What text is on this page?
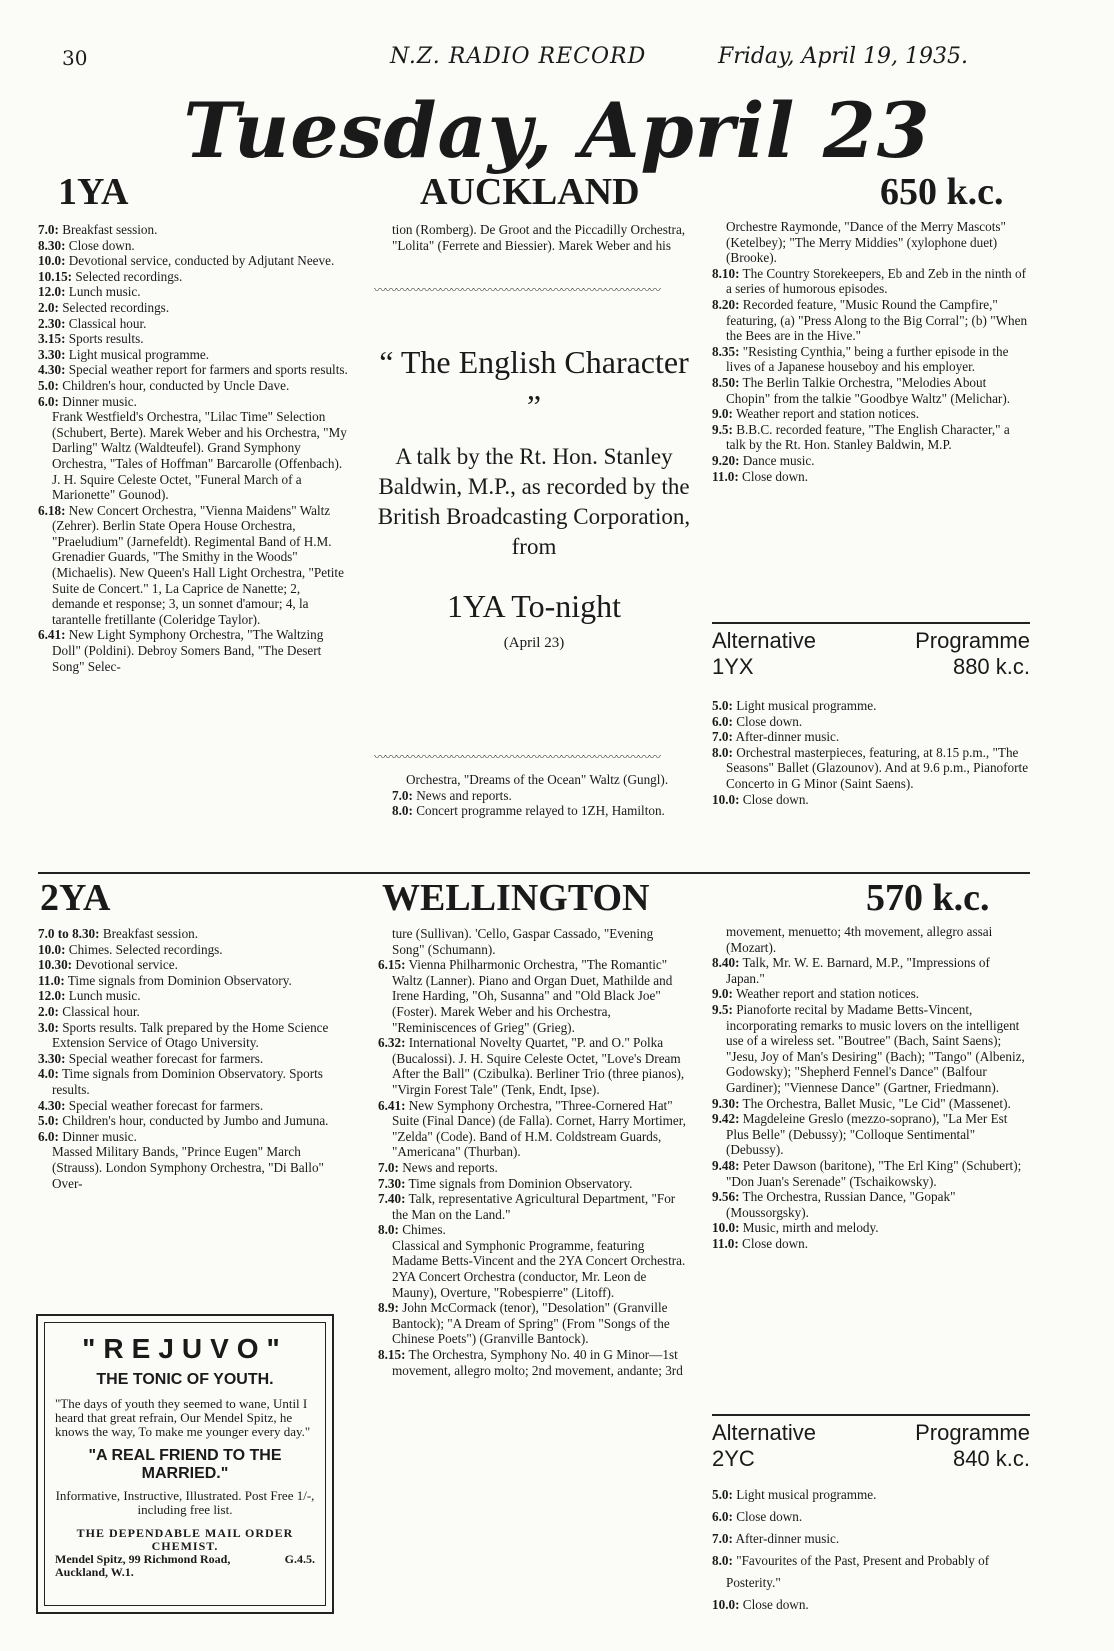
30	N.Z. RADIO RECORD	Friday, April 19, 1935.
Tuesday, April 23
1YA	AUCKLAND	650 k.c.

7.0: Breakfast session.

8.30: Close down.

10.0: Devotional service, conducted by Adjutant Neeve.

10.15: Selected recordings.

12.0: Lunch music.

2.0: Selected recordings.

2.30: Classical hour.

3.15: Sports results.

3.30: Light musical programme.

4.30: Special weather report for farmers and sports results.

5.0: Children's hour, conducted by Uncle Dave.

6.0: Dinner music.

Frank Westfield's Orchestra, "Lilac Time" Selection (Schubert, Berte). Marek Weber and his Orchestra, "My Darling" Waltz (Waldteufel). Grand Symphony Orchestra, "Tales of Hoffman" Barcarolle (Offenbach). J. H. Squire Celeste Octet, "Funeral March of a Marionette" Gounod).

6.18: New Concert Orchestra, "Vienna Maidens" Waltz (Zehrer). Berlin State Opera House Orchestra, "Praeludium" (Jarnefeldt). Regimental Band of H.M. Grenadier Guards, "The Smithy in the Woods" (Michaelis). New Queen's Hall Light Orchestra, "Petite Suite de Concert." 1, La Caprice de Nanette; 2, demande et response; 3, un sonnet d'amour; 4, la tarantelle fretillante (Coleridge Taylor).

6.41: New Light Symphony Orchestra, "The Waltzing Doll" (Poldini). Debroy Somers Band, "The Desert Song" Selec-

tion (Romberg). De Groot and the Piccadilly Orchestra, "Lolita" (Ferrete and Biessier). Marek Weber and his

〰〰〰〰〰〰〰〰〰〰〰〰〰〰〰〰〰〰〰〰〰〰〰〰〰〰
“ The English Character ”
A talk by the Rt. Hon. Stanley Baldwin, M.P., as recorded by the British Broadcasting Corporation, from
1YA To-night
(April 23)
〰〰〰〰〰〰〰〰〰〰〰〰〰〰〰〰〰〰〰〰〰〰〰〰〰〰

Orchestra, "Dreams of the Ocean" Waltz (Gungl).

7.0: News and reports.

8.0: Concert programme relayed to 1ZH, Hamilton.

Orchestre Raymonde, "Dance of the Merry Mascots" (Ketelbey); "The Merry Middies" (xylophone duet) (Brooke).

8.10: The Country Storekeepers, Eb and Zeb in the ninth of a series of humorous episodes.

8.20: Recorded feature, "Music Round the Campfire," featuring, (a) "Press Along to the Big Corral"; (b) "When the Bees are in the Hive."

8.35: "Resisting Cynthia," being a further episode in the lives of a Japanese houseboy and his employer.

8.50: The Berlin Talkie Orchestra, "Melodies About Chopin" from the talkie "Goodbye Waltz" (Melichar).

9.0: Weather report and station notices.

9.5: B.B.C. recorded feature, "The English Character," a talk by the Rt. Hon. Stanley Baldwin, M.P.

9.20: Dance music.

11.0: Close down.

Alternative	Programme
1YX	880 k.c.

5.0: Light musical programme.

6.0: Close down.

7.0: After-dinner music.

8.0: Orchestral masterpieces, featuring, at 8.15 p.m., "The Seasons" Ballet (Glazounov). And at 9.6 p.m., Pianoforte Concerto in G Minor (Saint Saens).

10.0: Close down.

2YA	WELLINGTON	570 k.c.

7.0 to 8.30: Breakfast session.

10.0: Chimes. Selected recordings.

10.30: Devotional service.

11.0: Time signals from Dominion Observatory.

12.0: Lunch music.

2.0: Classical hour.

3.0: Sports results. Talk prepared by the Home Science Extension Service of Otago University.

3.30: Special weather forecast for farmers.

4.0: Time signals from Dominion Observatory. Sports results.

4.30: Special weather forecast for farmers.

5.0: Children's hour, conducted by Jumbo and Jumuna.

6.0: Dinner music.

Massed Military Bands, "Prince Eugen" March (Strauss). London Symphony Orchestra, "Di Ballo" Over-

"REJUVO"
THE TONIC OF YOUTH.
"The days of youth they seemed to wane, Until I heard that great refrain, Our Mendel Spitz, he knows the way, To make me younger every day."
"A REAL FRIEND TO THE MARRIED."
Informative, Instructive, Illustrated. Post Free 1/-, including free list.
THE DEPENDABLE MAIL ORDER CHEMIST.
Mendel Spitz, 99 Richmond Road, Auckland, W.1.
G.4.5.

ture (Sullivan). 'Cello, Gaspar Cassado, "Evening Song" (Schumann).

6.15: Vienna Philharmonic Orchestra, "The Romantic" Waltz (Lanner). Piano and Organ Duet, Mathilde and Irene Harding, "Oh, Susanna" and "Old Black Joe" (Foster). Marek Weber and his Orchestra, "Reminiscences of Grieg" (Grieg).

6.32: International Novelty Quartet, "P. and O." Polka (Bucalossi). J. H. Squire Celeste Octet, "Love's Dream After the Ball" (Czibulka). Berliner Trio (three pianos), "Virgin Forest Tale" (Tenk, Endt, Ipse).

6.41: New Symphony Orchestra, "Three-Cornered Hat" Suite (Final Dance) (de Falla). Cornet, Harry Mortimer, "Zelda" (Code). Band of H.M. Coldstream Guards, "Americana" (Thurban).

7.0: News and reports.

7.30: Time signals from Dominion Observatory.

7.40: Talk, representative Agricultural Department, "For the Man on the Land."

8.0: Chimes.

Classical and Symphonic Programme, featuring Madame Betts-Vincent and the 2YA Concert Orchestra.

2YA Concert Orchestra (conductor, Mr. Leon de Mauny), Overture, "Robespierre" (Litoff).

8.9: John McCormack (tenor), "Desolation" (Granville Bantock); "A Dream of Spring" (From "Songs of the Chinese Poets") (Granville Bantock).

8.15: The Orchestra, Symphony No. 40 in G Minor—1st movement, allegro molto; 2nd movement, andante; 3rd

movement, menuetto; 4th movement, allegro assai (Mozart).

8.40: Talk, Mr. W. E. Barnard, M.P., "Impressions of Japan."

9.0: Weather report and station notices.

9.5: Pianoforte recital by Madame Betts-Vincent, incorporating remarks to music lovers on the intelligent use of a wireless set. "Boutree" (Bach, Saint Saens); "Jesu, Joy of Man's Desiring" (Bach); "Tango" (Albeniz, Godowsky); "Shepherd Fennel's Dance" (Balfour Gardiner); "Viennese Dance" (Gartner, Friedmann).

9.30: The Orchestra, Ballet Music, "Le Cid" (Massenet).

9.42: Magdeleine Greslo (mezzo-soprano), "La Mer Est Plus Belle" (Debussy); "Colloque Sentimental" (Debussy).

9.48: Peter Dawson (baritone), "The Erl King" (Schubert); "Don Juan's Serenade" (Tschaikowsky).

9.56: The Orchestra, Russian Dance, "Gopak" (Moussorgsky).

10.0: Music, mirth and melody.

11.0: Close down.

Alternative	Programme
2YC	840 k.c.

5.0: Light musical programme.

6.0: Close down.

7.0: After-dinner music.

8.0: "Favourites of the Past, Present and Probably of Posterity."

10.0: Close down.
